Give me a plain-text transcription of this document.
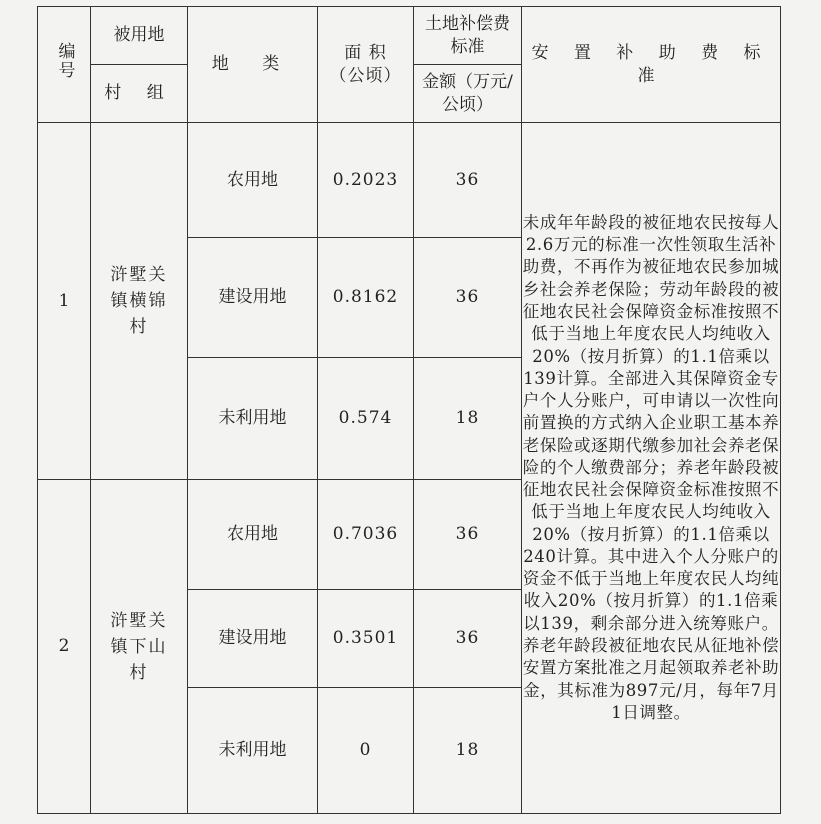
编号	被用地	地 类	面 积（公顷）	土地补偿费标准	安 置 补 助 费 标 准
	村 组			金额（万元/公顷）	
1	浒墅关镇横锦村	农用地	0.2023	36	未成年年龄段的被征地农民按每人2.6万元的标准一次性领取生活补助费，不再作为被征地农民参加城乡社会养老保险；劳动年龄段的被征地农民社会保障资金标准按照不低于当地上年度农民人均纯收入20%（按月折算）的1.1倍乘以139计算。全部进入其保障资金专户个人分账户，可申请以一次性向前置换的方式纳入企业职工基本养老保险或逐期代缴参加社会养老保险的个人缴费部分；养老年龄段被征地农民社会保障资金标准按照不低于当地上年度农民人均纯收入20%（按月折算）的1.1倍乘以240计算。其中进入个人分账户的资金不低于当地上年度农民人均纯收入20%（按月折算）的1.1倍乘以139，剩余部分进入统筹账户。养老年龄段被征地农民从征地补偿安置方案批准之月起领取养老补助金，其标准为897元/月，每年7月1日调整。
		建设用地	0.8162	36	
		未利用地	0.574	18	
2	浒墅关镇下山村	农用地	0.7036	36	
		建设用地	0.3501	36	
		未利用地	0	18	
